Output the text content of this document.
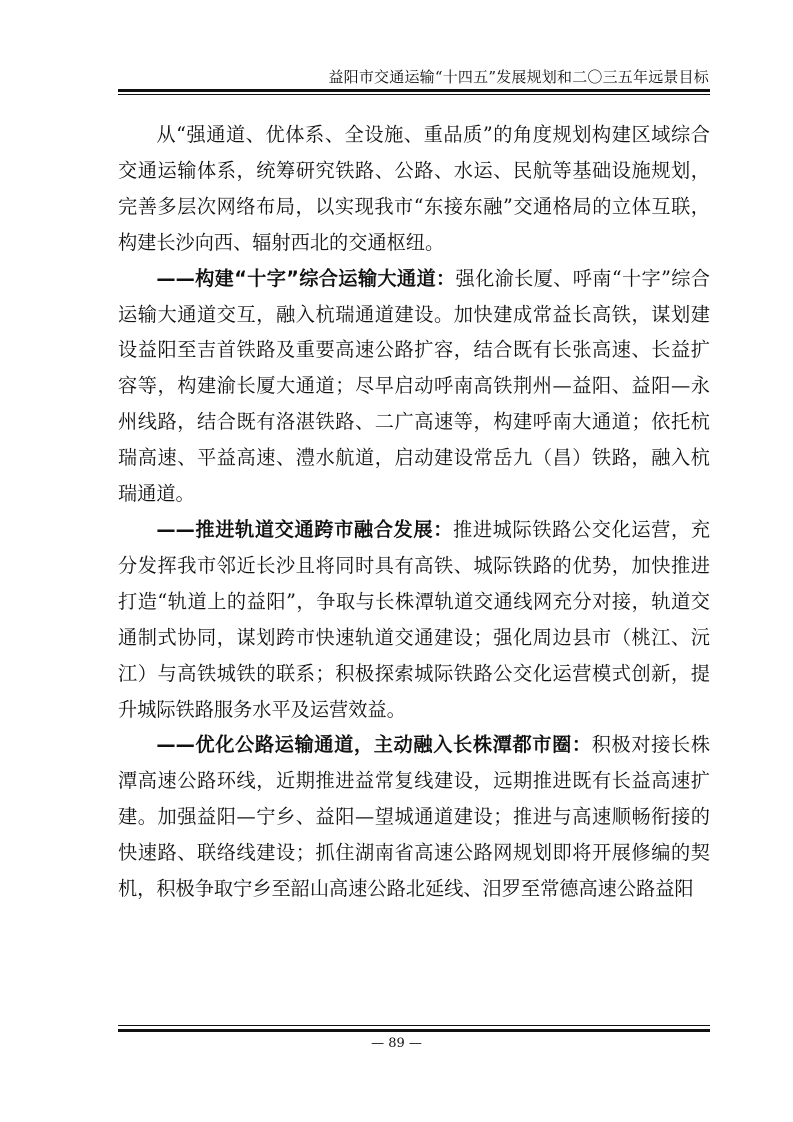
益阳市交通运输“十四五”发展规划和二〇三五年远景目标

从“强通道、优体系、全设施、重品质”的角度规划构建区域综合交通运输体系，统筹研究铁路、公路、水运、民航等基础设施规划，完善多层次网络布局，以实现我市“东接东融”交通格局的立体互联，构建长沙向西、辐射西北的交通枢纽。

——构建“十字”综合运输大通道：强化渝长厦、呼南“十字”综合运输大通道交互，融入杭瑞通道建设。加快建成常益长高铁，谋划建设益阳至吉首铁路及重要高速公路扩容，结合既有长张高速、长益扩容等，构建渝长厦大通道；尽早启动呼南高铁荆州—益阳、益阳—永州线路，结合既有洛湛铁路、二广高速等，构建呼南大通道；依托杭瑞高速、平益高速、澧水航道，启动建设常岳九（昌）铁路，融入杭瑞通道。

——推进轨道交通跨市融合发展：推进城际铁路公交化运营，充分发挥我市邻近长沙且将同时具有高铁、城际铁路的优势，加快推进打造“轨道上的益阳”，争取与长株潭轨道交通线网充分对接，轨道交通制式协同，谋划跨市快速轨道交通建设；强化周边县市（桃江、沅江）与高铁城铁的联系；积极探索城际铁路公交化运营模式创新，提升城际铁路服务水平及运营效益。

——优化公路运输通道，主动融入长株潭都市圈：积极对接长株潭高速公路环线，近期推进益常复线建设，远期推进既有长益高速扩建。加强益阳—宁乡、益阳—望城通道建设；推进与高速顺畅衔接的快速路、联络线建设；抓住湖南省高速公路网规划即将开展修编的契机，积极争取宁乡至韶山高速公路北延线、汨罗至常德高速公路益阳

— 89 —
